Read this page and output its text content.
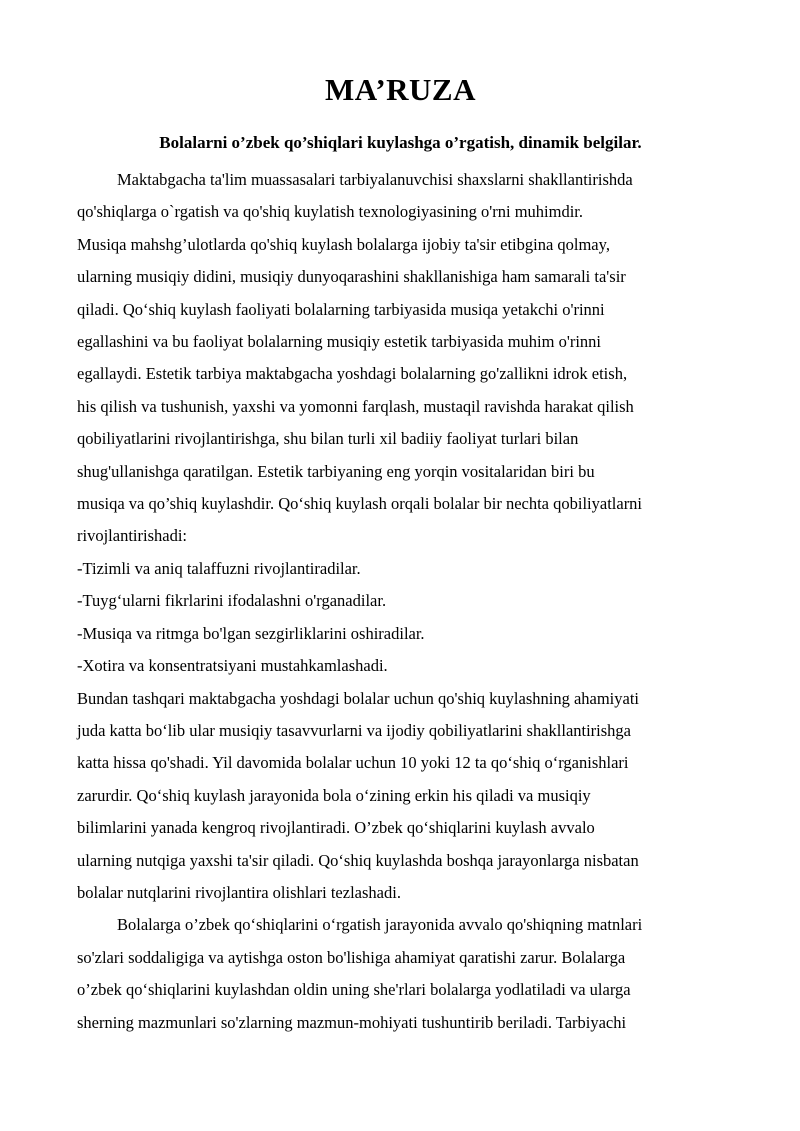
MA’RUZA
Bolalarni o’zbek qo’shiqlari kuylashga o’rgatish, dinamik belgilar.
Maktabgacha ta'lim muassasalari tarbiyalanuvchisi shaxslarni shakllantirishda
qo'shiqlarga o`rgatish va qo'shiq kuylatish texnologiyasining o'rni muhimdir.
Musiqa mahshg’ulotlarda qo'shiq kuylash bolalarga ijobiy ta'sir etibgina qolmay,
ularning musiqiy didini, musiqiy dunyoqarashini shakllanishiga ham samarali ta'sir
qiladi. Qoʻshiq kuylash faoliyati bolalarning tarbiyasida musiqa yetakchi o'rinni
egallashini va bu faoliyat bolalarning musiqiy estetik tarbiyasida muhim o'rinni
egallaydi. Estetik tarbiya maktabgacha yoshdagi bolalarning go'zallikni idrok etish,
his qilish va tushunish, yaxshi va yomonni farqlash, mustaqil ravishda harakat qilish
qobiliyatlarini rivojlantirishga, shu bilan turli xil badiiy faoliyat turlari bilan
shug'ullanishga qaratilgan. Estetik tarbiyaning eng yorqin vositalaridan biri bu
musiqa va qo’shiq kuylashdir. Qoʻshiq kuylash orqali bolalar bir nechta qobiliyatlarni
rivojlantirishadi:
-Tizimli va aniq talaffuzni rivojlantiradilar.
-Tuygʻularni fikrlarini ifodalashni o'rganadilar.
-Musiqa va ritmga bo'lgan sezgirliklarini oshiradilar.
-Xotira va konsentratsiyani mustahkamlashadi.
Bundan tashqari maktabgacha yoshdagi bolalar uchun qo'shiq kuylashning ahamiyati
juda katta boʻlib ular musiqiy tasavvurlarni va ijodiy qobiliyatlarini shakllantirishga
katta hissa qo'shadi. Yil davomida bolalar uchun 10 yoki 12 ta qoʻshiq oʻrganishlari
zarurdir. Qoʻshiq kuylash jarayonida bola oʻzining erkin his qiladi va musiqiy
bilimlarini yanada kengroq rivojlantiradi. O’zbek qoʻshiqlarini kuylash avvalo
ularning nutqiga yaxshi ta'sir qiladi. Qoʻshiq kuylashda boshqa jarayonlarga nisbatan
bolalar nutqlarini rivojlantira olishlari tezlashadi.
Bolalarga o’zbek qoʻshiqlarini oʻrgatish jarayonida avvalo qo'shiqning matnlari
so'zlari soddaligiga va aytishga oston bo'lishiga ahamiyat qaratishi zarur. Bolalarga
o’zbek qoʻshiqlarini kuylashdan oldin uning she'rlari bolalarga yodlatiladi va ularga
sherning mazmunlari so'zlarning mazmun-mohiyati tushuntirib beriladi. Tarbiyachi
